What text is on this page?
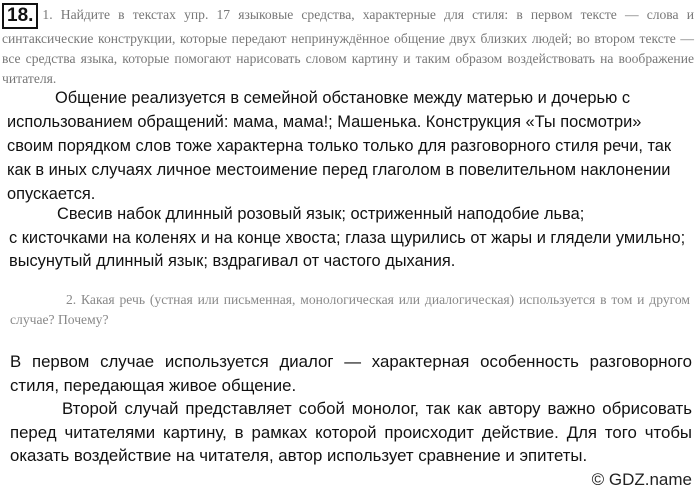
18. 1. Найдите в текстах упр. 17 языковые средства, характерные для стиля: в первом тексте — слова и синтаксические конструкции, которые передают непринуждённое общение двух близких людей; во втором тексте — все средства языка, которые помогают нарисовать словом картину и таким образом воздействовать на воображение читателя.

Общение реализуется в семейной обстановке между матерью и дочерью с использованием обращений: мама, мама!; Машенька. Конструкция «Ты посмотри» своим порядком слов тоже характерна только только для разговорного стиля речи, так как в иных случаях личное местоимение перед глаголом в повелительном наклонении опускается.

Свесив набок длинный розовый язык; остриженный наподобие льва;

с кисточками на коленях и на конце хвоста; глаза щурились от жары и глядели умильно; высунутый длинный язык; вздрагивал от частого дыхания.

2. Какая речь (устная или письменная, монологическая или диалогическая) используется в том и другом случае? Почему?

В первом случае используется диалог — характерная особенность разговорного стиля, передающая живое общение.

Второй случай представляет собой монолог, так как автору важно обрисовать перед читателями картину, в рамках которой происходит действие. Для того чтобы оказать воздействие на читателя, автор использует сравнение и эпитеты.

© GDZ.name
